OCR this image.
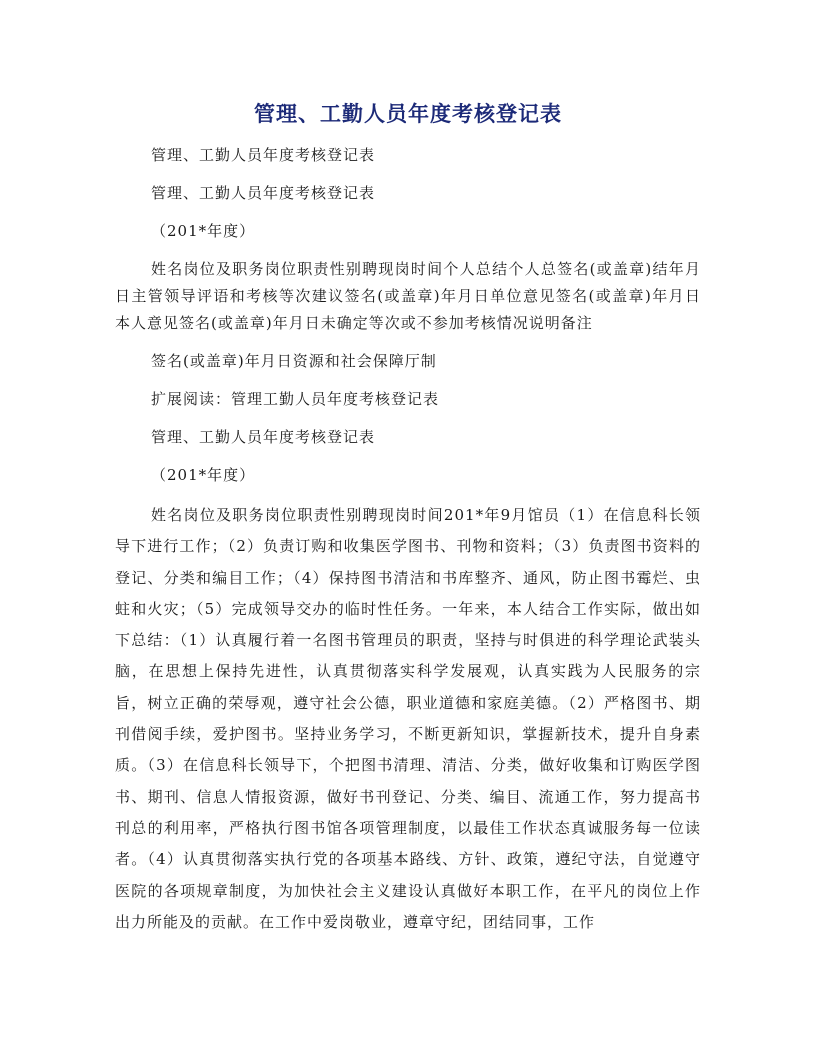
管理、工勤人员年度考核登记表

管理、工勤人员年度考核登记表

管理、工勤人员年度考核登记表

（201*年度）

姓名岗位及职务岗位职责性别聘现岗时间个人总结个人总签名(或盖章)结年月日主管领导评语和考核等次建议签名(或盖章)年月日单位意见签名(或盖章)年月日本人意见签名(或盖章)年月日未确定等次或不参加考核情况说明备注

签名(或盖章)年月日资源和社会保障厅制

扩展阅读：管理工勤人员年度考核登记表

管理、工勤人员年度考核登记表

（201*年度）

姓名岗位及职务岗位职责性别聘现岗时间201*年9月馆员（1）在信息科长领导下进行工作；（2）负责订购和收集医学图书、刊物和资料；（3）负责图书资料的登记、分类和编目工作；（4）保持图书清洁和书库整齐、通风，防止图书霉烂、虫蛀和火灾；（5）完成领导交办的临时性任务。一年来，本人结合工作实际，做出如下总结：（1）认真履行着一名图书管理员的职责，坚持与时俱进的科学理论武装头脑，在思想上保持先进性，认真贯彻落实科学发展观，认真实践为人民服务的宗旨，树立正确的荣辱观，遵守社会公德，职业道德和家庭美德。（2）严格图书、期刊借阅手续，爱护图书。坚持业务学习，不断更新知识，掌握新技术，提升自身素质。（3）在信息科长领导下，个把图书清理、清洁、分类，做好收集和订购医学图书、期刊、信息人情报资源，做好书刊登记、分类、编目、流通工作，努力提高书刊总的利用率，严格执行图书馆各项管理制度，以最佳工作状态真诚服务每一位读者。（4）认真贯彻落实执行党的各项基本路线、方针、政策，遵纪守法，自觉遵守医院的各项规章制度，为加快社会主义建设认真做好本职工作，在平凡的岗位上作出力所能及的贡献。在工作中爱岗敬业，遵章守纪，团结同事，工作
